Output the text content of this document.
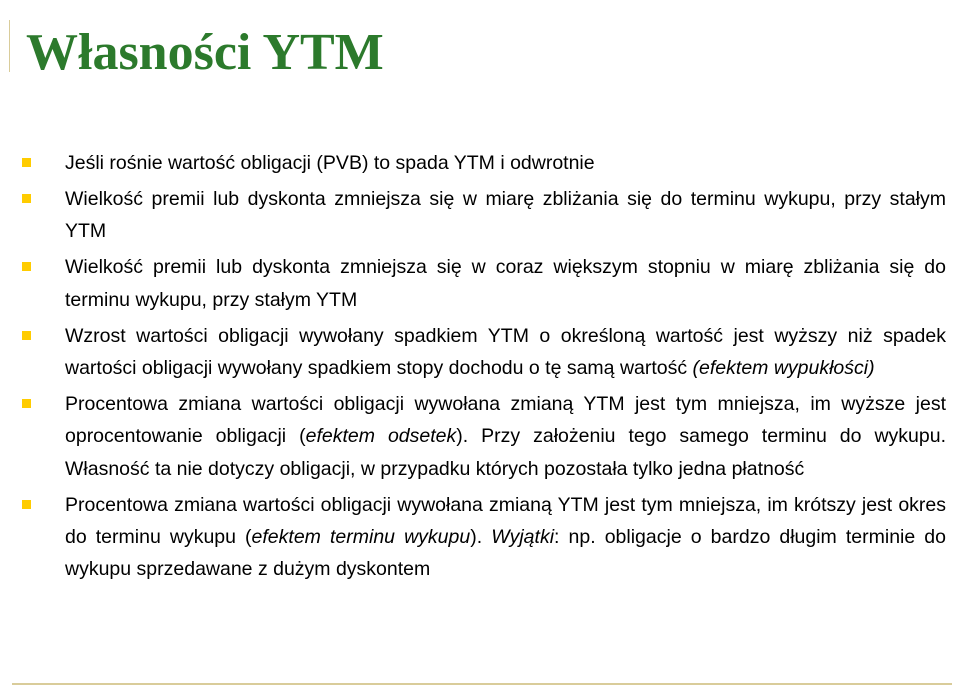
Własności YTM
Jeśli rośnie wartość obligacji (PVB) to spada YTM i odwrotnie
Wielkość premii lub dyskonta zmniejsza się w miarę zbliżania się do terminu wykupu, przy stałym YTM
Wielkość premii lub dyskonta zmniejsza się w coraz większym stopniu w miarę zbliżania się do terminu wykupu, przy stałym YTM
Wzrost wartości obligacji wywołany spadkiem YTM o określoną wartość jest wyższy niż spadek wartości obligacji wywołany spadkiem stopy dochodu o tę samą wartość (efektem wypukłości)
Procentowa zmiana wartości obligacji wywołana zmianą YTM jest tym mniejsza, im wyższe jest oprocentowanie obligacji (efektem odsetek). Przy założeniu tego samego terminu do wykupu. Własność ta nie dotyczy obligacji, w przypadku których pozostała tylko jedna płatność
Procentowa zmiana wartości obligacji wywołana zmianą YTM jest tym mniejsza, im krótszy jest okres do terminu wykupu (efektem terminu wykupu). Wyjątki: np. obligacje o bardzo długim terminie do wykupu sprzedawane z dużym dyskontem
